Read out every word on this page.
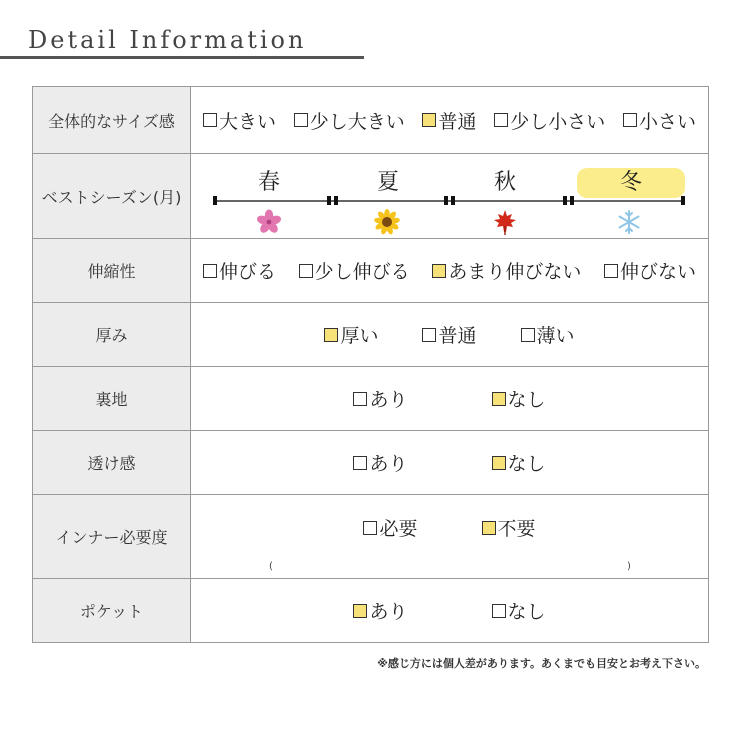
Detail Information
全体的なサイズ感	大きい 少し大きい 普通 少し小さい 小さい

ベストシーズン(月)	春 夏 秋 冬

伸縮性	伸びる 少し伸びる あまり伸びない 伸びない

厚み	厚い 普通 薄い

裏地	あり なし

透け感	あり なし

インナー必要度	必要 不要
( )

ポケット	あり なし
※感じ方には個人差があります。あくまでも目安とお考え下さい。
